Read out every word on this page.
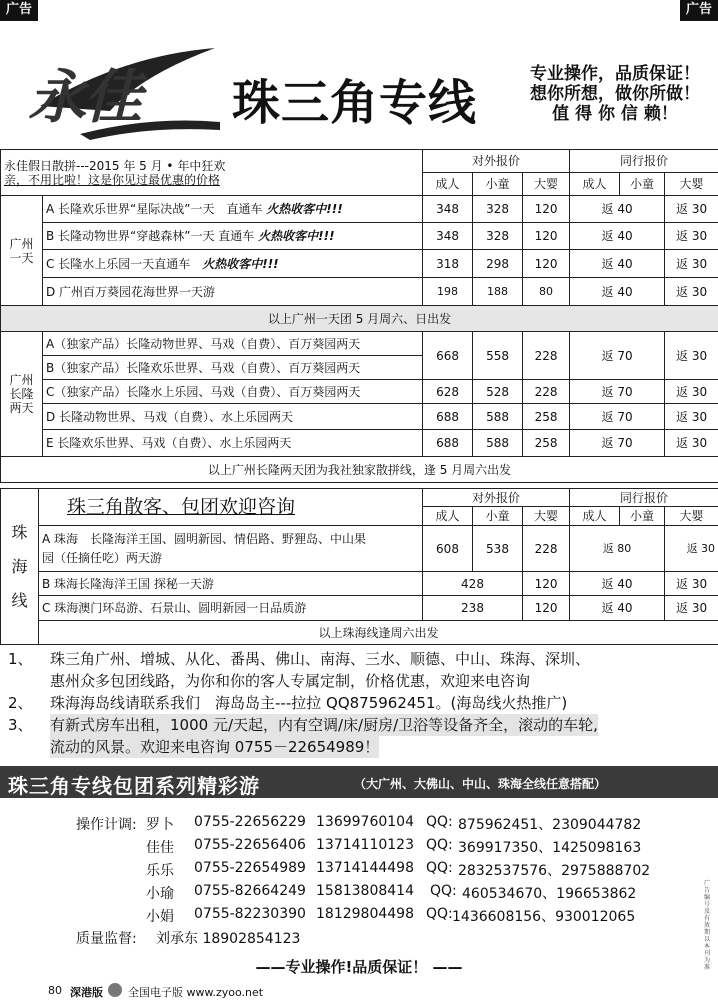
广告	广告
永佳 珠三角专线
专业操作，品质保证！
想你所想，做你所做！
值 得 你 信 赖！
永佳假日散拼---2015 年 5 月 • 年中狂欢
亲，不用比啦！这是你见过最优惠的价格		对外报价			同行报价		
		成人	小童	大婴	成人	小童	大婴

广州一天	A 长隆欢乐世界“星际决战”一天　直通车 火热收客中!!!	348	328	120	返 40		返 30
	B 长隆动物世界“穿越森林”一天 直通车 火热收客中!!!	348	328	120	返 40		返 30
	C 长隆水上乐园一天直通车　 火热收客中!!!	318	298	120	返 40		返 30
	D 广州百万葵园花海世界一天游	198	188	80	返 40		返 30
以上广州一天团 5 月周六、日出发							

广州
长隆
两天	A（独家产品）长隆动物世界、马戏（自费）、百万葵园两天	668	558	228	返 70		返 30
	B（独家产品）长隆欢乐世界、马戏（自费）、百万葵园两天						
	C（独家产品）长隆水上乐园、马戏（自费）、百万葵园两天	628	528	228	返 70		返 30
	D 长隆动物世界、马戏（自费）、水上乐园两天	688	588	258	返 70		返 30
	E 长隆欢乐世界、马戏（自费）、水上乐园两天	688	588	258	返 70		返 30
以上广州长隆两天团为我社独家散拼线，逢 5 月周六出发							
珠
海
线	珠三角散客、包团欢迎咨询	对外报价			同行报价		
		成人	小童	大婴	成人	小童	大婴

	A 珠海　长隆海洋王国、圆明新园、情侣路、野狸岛、中山果
园（任摘任吃）两天游	608	538	228	返 80		返 30
	B 珠海长隆海洋王国 探秘一天游	428		120	返 40		返 30
	C 珠海澳门环岛游、石景山、圆明新园一日品质游	238		120	返 40		返 30
	以上珠海线逢周六出发						
1、 珠三角广州、增城、从化、番禺、佛山、南海、三水、顺德、中山、珠海、深圳、
惠州众多包团线路，为你和你的客人专属定制，价格优惠，欢迎来电咨询
2、 珠海海岛线请联系我们　海岛岛主---拉拉 QQ875962451。(海岛线火热推广)
3、 有新式房车出租，1000 元/天起，内有空调/床/厨房/卫浴等设备齐全，滚动的车轮,
流动的风景。欢迎来电咨询 0755－22654989！
珠三角专线包团系列精彩游	（大广州、大佛山、中山、珠海全线任意搭配）
操作计调: 罗卜 0755-22656229 13699760104 QQ: 875962451、2309044782
佳佳 0755-22656406 13714110123 QQ: 369917350、1425098163
乐乐 0755-22654989 13714144498 QQ: 2832537576、2975888702
小瑜 0755-82664249 15813808414 QQ: 460534670、196653862
小娟 0755-82230390 18129804498 QQ: 1436608156、930012065
质量监督: 刘承东 18902854123
广告编号及有效期以本刊为准
——专业操作!品质保证！ ——
80 深港版 全国电子版 www.zyoo.net
